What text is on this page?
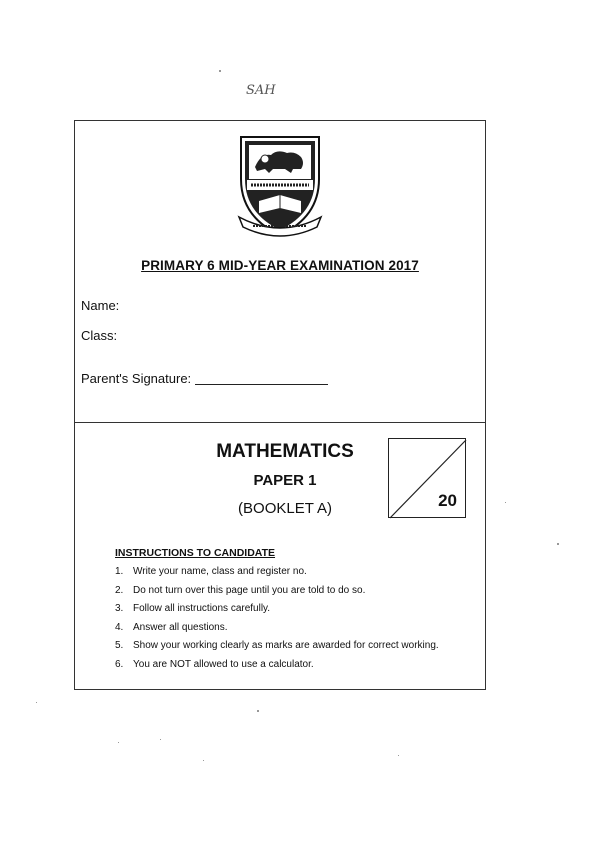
SAH
PRIMARY 6 MID-YEAR EXAMINATION 2017
Name:
Class:
Parent's Signature:
MATHEMATICS
PAPER 1
(BOOKLET A)	20
INSTRUCTIONS TO CANDIDATE
1. Write your name, class and register no.
2. Do not turn over this page until you are told to do so.
3. Follow all instructions carefully.
4. Answer all questions.
5. Show your working clearly as marks are awarded for correct working.
6. You are NOT allowed to use a calculator.
